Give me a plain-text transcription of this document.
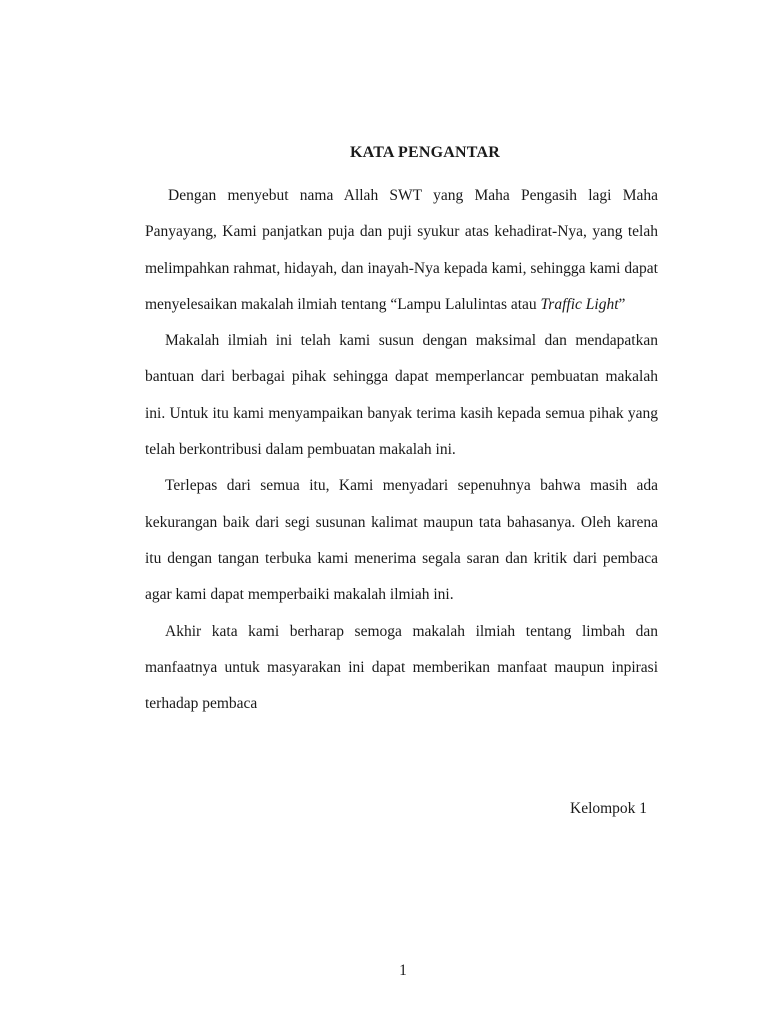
KATA PENGANTAR

Dengan menyebut nama Allah SWT yang Maha Pengasih lagi Maha Panyayang, Kami panjatkan puja dan puji syukur atas kehadirat-Nya, yang telah melimpahkan rahmat, hidayah, dan inayah-Nya kepada kami, sehingga kami dapat menyelesaikan makalah ilmiah tentang “Lampu Lalulintas atau Traffic Light”

Makalah ilmiah ini telah kami susun dengan maksimal dan mendapatkan bantuan dari berbagai pihak sehingga dapat memperlancar pembuatan makalah ini. Untuk itu kami menyampaikan banyak terima kasih kepada semua pihak yang telah berkontribusi dalam pembuatan makalah ini.

Terlepas dari semua itu, Kami menyadari sepenuhnya bahwa masih ada kekurangan baik dari segi susunan kalimat maupun tata bahasanya. Oleh karena itu dengan tangan terbuka kami menerima segala saran dan kritik dari pembaca agar kami dapat memperbaiki makalah ilmiah ini.

Akhir kata kami berharap semoga makalah ilmiah tentang limbah dan manfaatnya untuk masyarakan ini dapat memberikan manfaat maupun inpirasi terhadap pembaca

Kelompok 1
1
